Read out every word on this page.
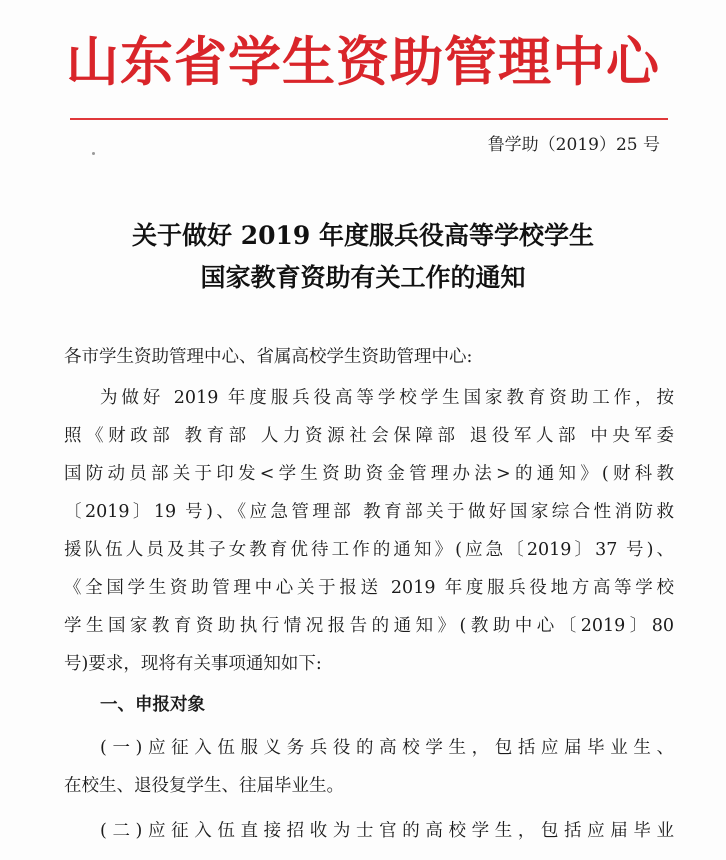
山东省学生资助管理中心
鲁学助（2019）25 号
关于做好 2019 年度服兵役高等学校学生
国家教育资助有关工作的通知
各市学生资助管理中心、省属高校学生资助管理中心:
为做好 2019 年度服兵役高等学校学生国家教育资助工作，按
照《财政部 教育部 人力资源社会保障部 退役军人部 中央军委
国防动员部关于印发<学生资助资金管理办法>的通知》(财科教
〔2019〕19 号)、《应急管理部 教育部关于做好国家综合性消防救
援队伍人员及其子女教育优待工作的通知》(应急〔2019〕37 号)、
《全国学生资助管理中心关于报送 2019 年度服兵役地方高等学校
学生国家教育资助执行情况报告的通知》(教助中心〔2019〕80
号)要求，现将有关事项通知如下:
一、申报对象
(一)应征入伍服义务兵役的高校学生，包括应届毕业生、
在校生、退役复学生、往届毕业生。
(二)应征入伍直接招收为士官的高校学生，包括应届毕业
